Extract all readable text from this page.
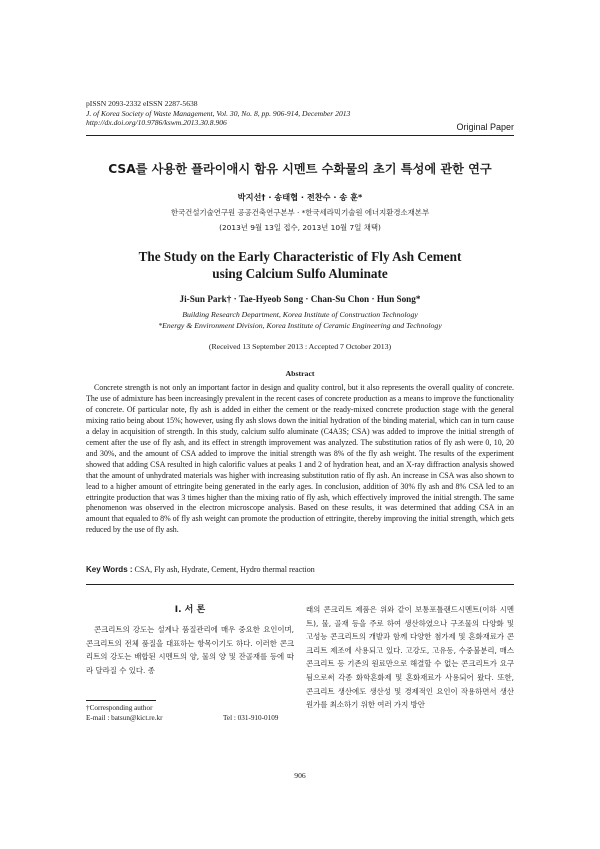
pISSN 2093-2332 eISSN 2287-5638
J. of Korea Society of Waste Management, Vol. 30, No. 8, pp. 906-914, December 2013
http://dx.doi.org/10.9786/kswm.2013.30.8.906	Original Paper
CSA를 사용한 플라이애시 함유 시멘트 수화물의 초기 특성에 관한 연구
박지선† · 송태협 · 전찬수 · 송 훈*
한국건설기술연구원 공공건축연구본부 · *한국세라믹기술원 에너지환경소재본부
(2013년 9월 13일 접수, 2013년 10월 7일 채택)
The Study on the Early Characteristic of Fly Ash Cement
using Calcium Sulfo Aluminate
Ji-Sun Park† · Tae-Hyeob Song · Chan-Su Chon · Hun Song*
Building Research Department, Korea Institute of Construction Technology
*Energy & Environment Division, Korea Institute of Ceramic Engineering and Technology
(Received 13 September 2013 : Accepted 7 October 2013)
Abstract

Concrete strength is not only an important factor in design and quality control, but it also represents the overall quality of concrete. The use of admixture has been increasingly prevalent in the recent cases of concrete production as a means to improve the functionality of concrete. Of particular note, fly ash is added in either the cement or the ready-mixed concrete production stage with the general mixing ratio being about 15%; however, using fly ash slows down the initial hydration of the binding material, which can in turn cause a delay in acquisition of strength. In this study, calcium sulfo aluminate (C4A3S; CSA) was added to improve the initial strength of cement after the use of fly ash, and its effect in strength improvement was analyzed. The substitution ratios of fly ash were 0, 10, 20 and 30%, and the amount of CSA added to improve the initial strength was 8% of the fly ash weight. The results of the experiment showed that adding CSA resulted in high calorific values at peaks 1 and 2 of hydration heat, and an X-ray diffraction analysis showed that the amount of unhydrated materials was higher with increasing substitution ratio of fly ash. An increase in CSA was also shown to lead to a higher amount of ettringite being generated in the early ages. In conclusion, addition of 30% fly ash and 8% CSA led to an ettringite production that was 3 times higher than the mixing ratio of fly ash, which effectively improved the initial strength. The same phenomenon was observed in the electron microscope analysis. Based on these results, it was determined that adding CSA in an amount that equaled to 8% of fly ash weight can promote the production of ettringite, thereby improving the initial strength, which gets reduced by the use of fly ash.

Key Words : CSA, Fly ash, Hydrate, Cement, Hydro thermal reaction
I. 서 론

콘크리트의 강도는 설계나 품질관리에 매우 중요한 요인이며, 콘크리트의 전체 품질을 대표하는 항목이기도 하다. 이러한 콘크리트의 강도는 배합된 시멘트의 양, 물의 양 및 잔골재를 등에 따라 달라질 수 있다. 종

래의 콘크리트 제품은 위와 같이 보통포틀랜드시멘트(이하 시멘트), 물, 골재 등을 주로 하여 생산하였으나 구조물의 다양화 및 고성능 콘크리트의 개발과 함께 다양한 첨가제 및 혼화재료가 콘크리트 제조에 사용되고 있다. 고강도, 고유동, 수중불분리, 매스콘크리트 등 기존의 원료만으로 해결할 수 없는 콘크리트가 요구됨으로써 각종 화학혼화제 및 혼화재료가 사용되어 왔다. 또한, 콘크리트 생산에도 생산성 및 경제적인 요인이 작용하면서 생산원가를 최소하기 위한 여러 가지 방안

†Corresponding author
E-mail : batsun@kict.re.kr	Tel : 031-910-0109
906
